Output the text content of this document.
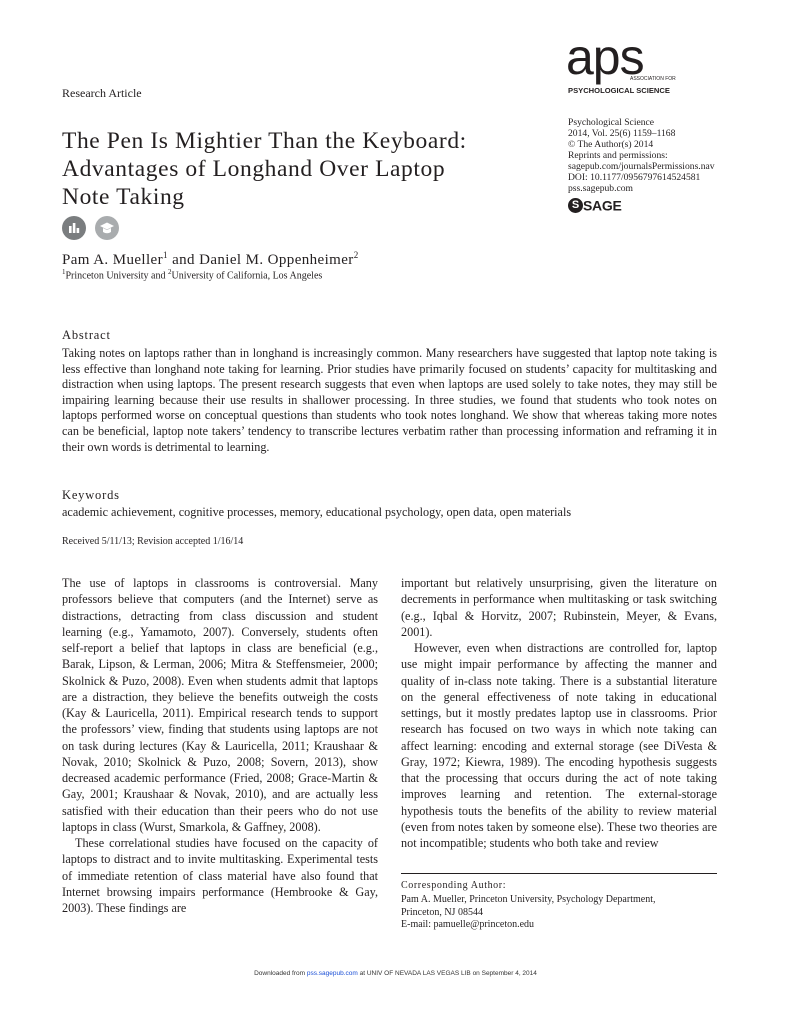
Research Article
aps
ASSOCIATION FOR
PSYCHOLOGICAL SCIENCE
The Pen Is Mightier Than the Keyboard:
Advantages of Longhand Over Laptop
Note Taking
Psychological Science
2014, Vol. 25(6) 1159–1168
© The Author(s) 2014
Reprints and permissions:
sagepub.com/journalsPermissions.nav
DOI: 10.1177/0956797614524581
pss.sagepub.com
S SAGE
Pam A. Mueller$^1$ and Daniel M. Oppenheimer$^2$
$^1$Princeton University and $^2$University of California, Los Angeles
Abstract

Taking notes on laptops rather than in longhand is increasingly common. Many researchers have suggested that laptop note taking is less effective than longhand note taking for learning. Prior studies have primarily focused on students’ capacity for multitasking and distraction when using laptops. The present research suggests that even when laptops are used solely to take notes, they may still be impairing learning because their use results in shallower processing. In three studies, we found that students who took notes on laptops performed worse on conceptual questions than students who took notes longhand. We show that whereas taking more notes can be beneficial, laptop note takers’ tendency to transcribe lectures verbatim rather than processing information and reframing it in their own words is detrimental to learning.

Keywords
academic achievement, cognitive processes, memory, educational psychology, open data, open materials
Received 5/11/13; Revision accepted 1/16/14

The use of laptops in classrooms is controversial. Many professors believe that computers (and the Internet) serve as distractions, detracting from class discussion and student learning (e.g., Yamamoto, 2007). Conversely, students often self-report a belief that laptops in class are beneficial (e.g., Barak, Lipson, & Lerman, 2006; Mitra & Steffensmeier, 2000; Skolnick & Puzo, 2008). Even when students admit that laptops are a distraction, they believe the benefits outweigh the costs (Kay & Lauricella, 2011). Empirical research tends to support the professors’ view, finding that students using laptops are not on task during lectures (Kay & Lauricella, 2011; Kraushaar & Novak, 2010; Skolnick & Puzo, 2008; Sovern, 2013), show decreased academic performance (Fried, 2008; Grace-Martin & Gay, 2001; Kraushaar & Novak, 2010), and are actually less satisfied with their education than their peers who do not use laptops in class (Wurst, Smarkola, & Gaffney, 2008).

These correlational studies have focused on the capacity of laptops to distract and to invite multitasking. Experimental tests of immediate retention of class material have also found that Internet browsing impairs performance (Hembrooke & Gay, 2003). These findings are

important but relatively unsurprising, given the literature on decrements in performance when multitasking or task switching (e.g., Iqbal & Horvitz, 2007; Rubinstein, Meyer, & Evans, 2001).

However, even when distractions are controlled for, laptop use might impair performance by affecting the manner and quality of in-class note taking. There is a substantial literature on the general effectiveness of note taking in educational settings, but it mostly predates laptop use in classrooms. Prior research has focused on two ways in which note taking can affect learning: encoding and external storage (see DiVesta & Gray, 1972; Kiewra, 1989). The encoding hypothesis suggests that the processing that occurs during the act of note taking improves learning and retention. The external-storage hypothesis touts the benefits of the ability to review material (even from notes taken by someone else). These two theories are not incompatible; students who both take and review

Corresponding Author:
Pam A. Mueller, Princeton University, Psychology Department,
Princeton, NJ 08544
E-mail: pamuelle@princeton.edu
Downloaded from pss.sagepub.com at UNIV OF NEVADA LAS VEGAS LIB on September 4, 2014
